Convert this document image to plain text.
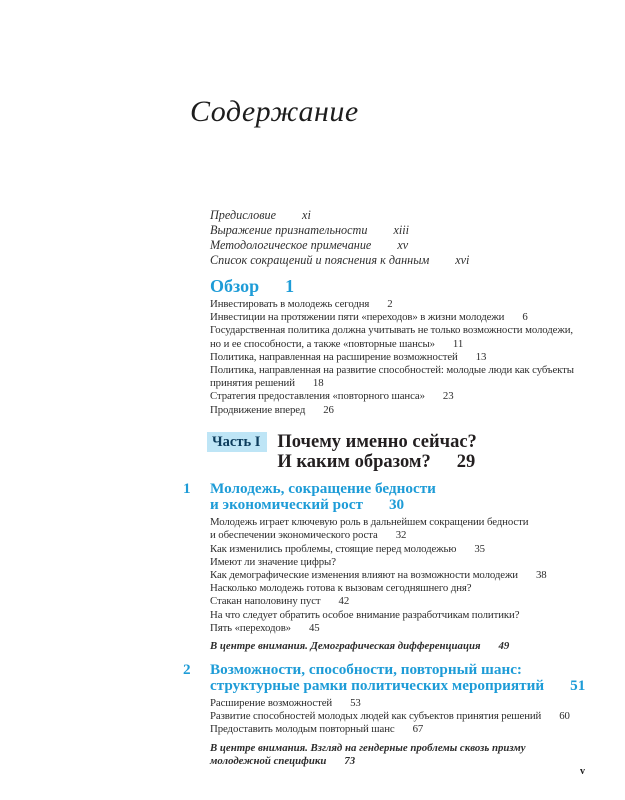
Содержание
Предисловие xi
Выражение признательности xiii
Методологическое примечание xv
Список сокращений и пояснения к данным xvi
Обзор 1
Инвестировать в молодежь сегодня 2
Инвестиции на протяжении пяти «переходов» в жизни молодежи 6
Государственная политика должна учитывать не только возможности молодежи,
но и ее способности, а также «повторные шансы» 11
Политика, направленная на расширение возможностей 13
Политика, направленная на развитие способностей: молодые люди как субъекты
принятия решений 18
Стратегия предоставления «повторного шанса» 23
Продвижение вперед 26
Часть I Почему именно сейчас?
И каким образом? 29
1 Молодежь, сокращение бедности
и экономический рост 30
Молодежь играет ключевую роль в дальнейшем сокращении бедности
и обеспечении экономического роста 32
Как изменились проблемы, стоящие перед молодежью 35
Имеют ли значение цифры?
Как демографические изменения влияют на возможности молодежи 38
Насколько молодежь готова к вызовам сегодняшнего дня?
Стакан наполовину пуст 42
На что следует обратить особое внимание разработчикам политики?
Пять «переходов» 45
В центре внимания. Демографическая дифференциация 49
2 Возможности, способности, повторный шанс:
структурные рамки политических мероприятий 51
Расширение возможностей 53
Развитие способностей молодых людей как субъектов принятия решений 60
Предоставить молодым повторный шанс 67
В центре внимания. Взгляд на гендерные проблемы сквозь призму
молодежной специфики 73
v
